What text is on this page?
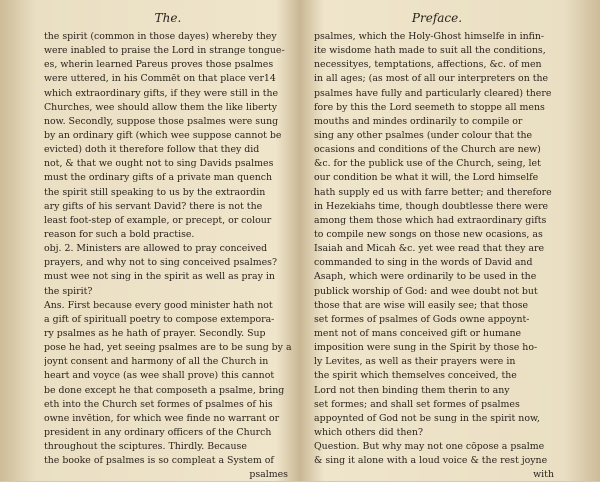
The.
the spirit (common in those dayes) whereby they
were inabled to praise the Lord in strange tongue-
es, wherin learned Pareus proves those psalmes
were uttered, in his Commēt on that place ver14
which extraordinary gifts, if they were still in the
Churches, wee should allow them the like liberty
now. Secondly, suppose those psalmes were sung
by an ordinary gift (which wee suppose cannot be
evicted) doth it therefore follow that they did
not, & that we ought not to sing Davids psalmes
must the ordinary gifts of a private man quench
the spirit still speaking to us by the extraordin
ary gifts of his servant David? there is not the
least foot-step of example, or precept, or colour
reason for such a bold practise.
obj. 2. Ministers are allowed to pray conceived
prayers, and why not to sing conceived psalmes?
must wee not sing in the spirit as well as pray in
the spirit?
Ans. First because every good minister hath not
a gift of spirituall poetry to compose extempora-
ry psalmes as he hath of prayer. Secondly. Sup
pose he had, yet seeing psalmes are to be sung by a
joynt consent and harmony of all the Church in
heart and voyce (as wee shall prove) this cannot
be done except he that composeth a psalme, bring
eth into the Church set formes of psalmes of his
owne invētion, for which wee finde no warrant or
president in any ordinary officers of the Church
throughout the sciptures. Thirdly. Because
the booke of psalmes is so compleat a System of
psalmes
Preface.
psalmes, which the Holy-Ghost himselfe in infin-
ite wisdome hath made to suit all the conditions,
necessityes, temptations, affections, &c. of men
in all ages; (as most of all our interpreters on the
psalmes have fully and particularly cleared) there
fore by this the Lord seemeth to stoppe all mens
mouths and mindes ordinarily to compile or
sing any other psalmes (under colour that the
ocasions and conditions of the Church are new)
&c. for the publick use of the Church, seing, let
our condition be what it will, the Lord himselfe
hath supply ed us with farre better; and therefore
in Hezekiahs time, though doubtlesse there were
among them those which had extraordinary gifts
to compile new songs on those new ocasions, as
Isaiah and Micah &c. yet wee read that they are
commanded to sing in the words of David and
Asaph, which were ordinarily to be used in the
publick worship of God: and wee doubt not but
those that are wise will easily see; that those
set formes of psalmes of Gods owne appoynt-
ment not of mans conceived gift or humane
imposition were sung in the Spirit by those ho-
ly Levites, as well as their prayers were in
the spirit which themselves conceived, the
Lord not then binding them therin to any
set formes; and shall set formes of psalmes
appoynted of God not be sung in the spirit now,
which others did then?
Question. But why may not one cōpose a psalme
& sing it alone with a loud voice & the rest joyne
with
